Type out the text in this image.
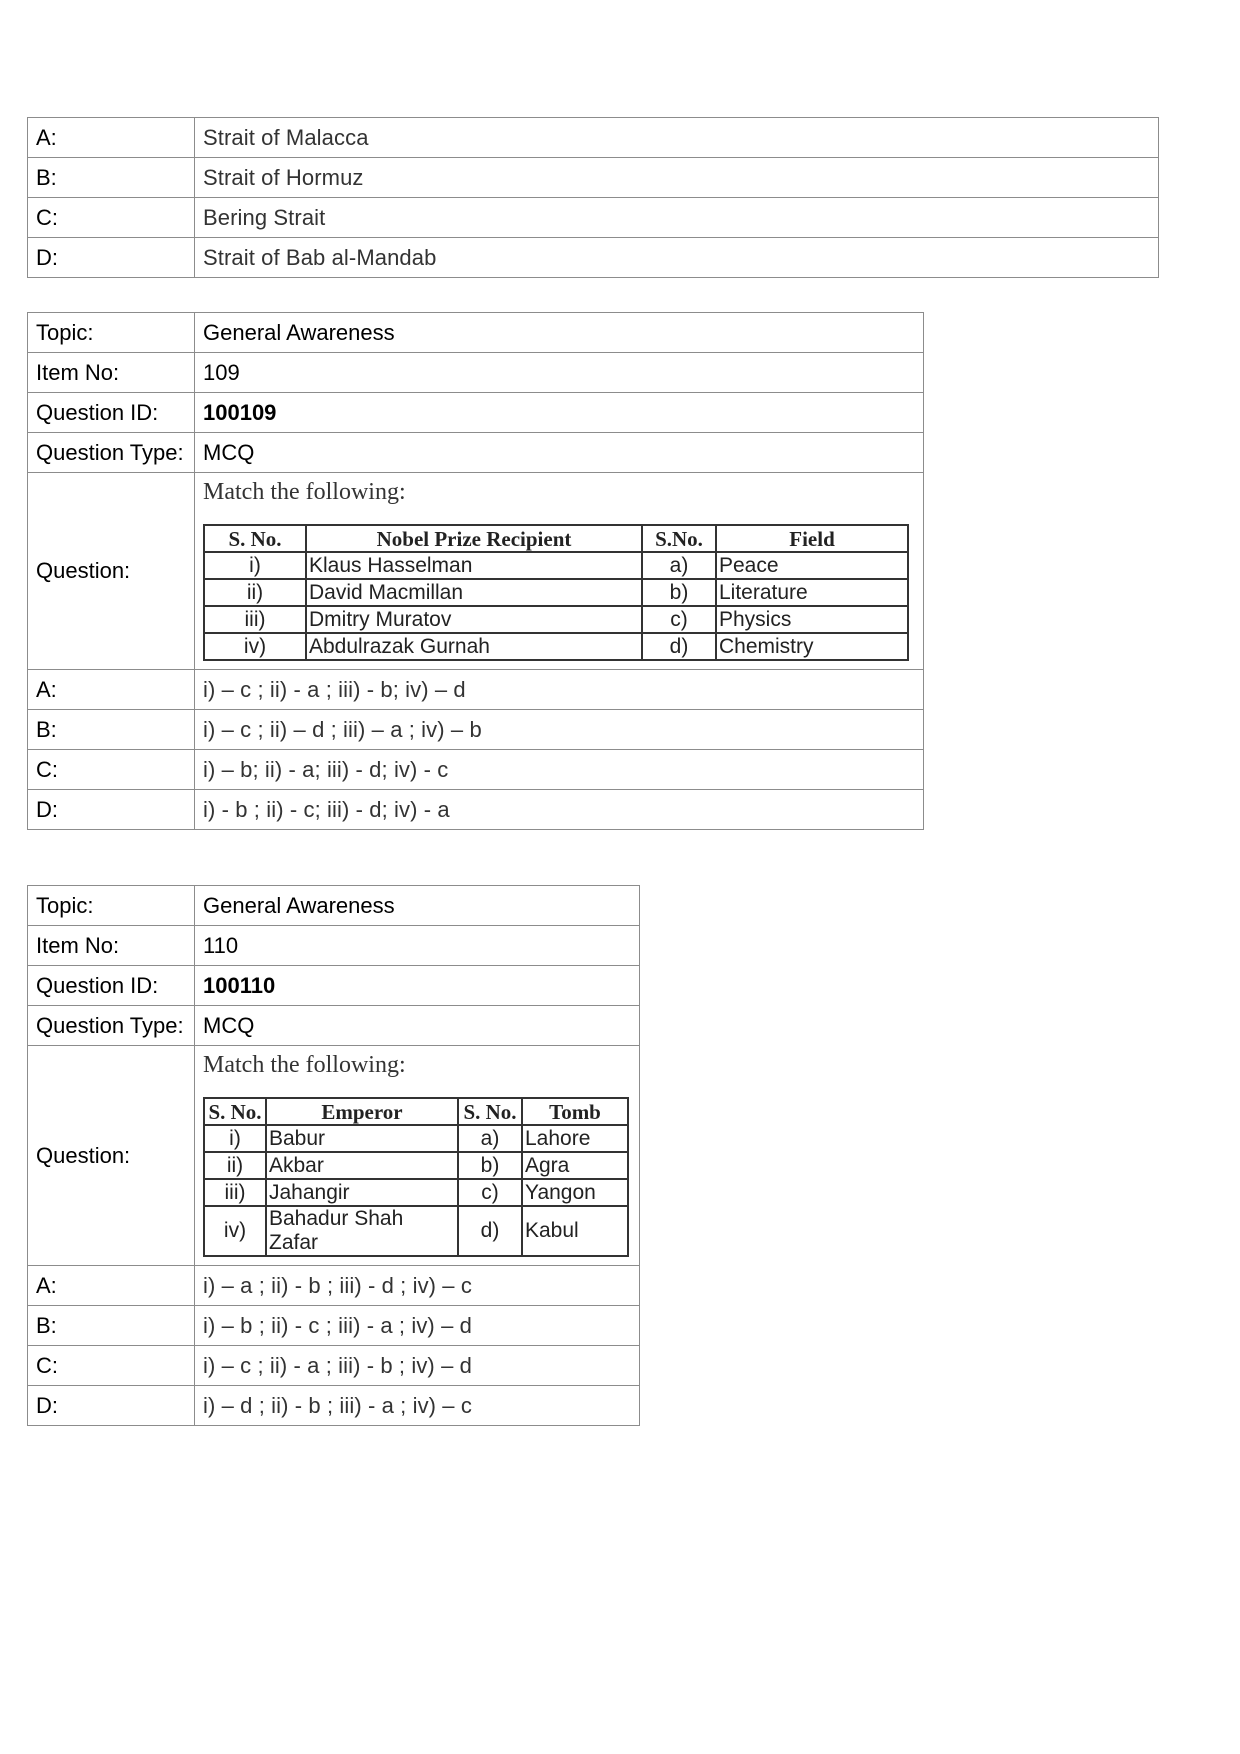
A:	Strait of Malacca
B:	Strait of Hormuz
C:	Bering Strait
D:	Strait of Bab al-Mandab
Topic:	General Awareness
Item No:	109
Question ID:	100109
Question Type:	MCQ
Question:	
Match the following:
S. No.	Nobel Prize Recipient	S.No.	Field
i)	Klaus Hasselman	a)	Peace
ii)	David Macmillan	b)	Literature
iii)	Dmitry Muratov	c)	Physics
iv)	Abdulrazak Gurnah	d)	Chemistry

A:	i) – c ; ii) - a ; iii) - b; iv) – d
B:	i) – c ; ii) – d ; iii) – a ; iv) – b
C:	i) – b; ii) - a; iii) - d; iv) - c
D:	i) - b ; ii) - c; iii) - d; iv) - a
Topic:	General Awareness
Item No:	110
Question ID:	100110
Question Type:	MCQ
Question:	
Match the following:
S. No.	Emperor	S. No.	Tomb
i)	Babur	a)	Lahore
ii)	Akbar	b)	Agra
iii)	Jahangir	c)	Yangon
iv)	Bahadur Shah Zafar	d)	Kabul

A:	i) – a ; ii) - b ; iii) - d ; iv) – c
B:	i) – b ; ii) - c ; iii) - a ; iv) – d
C:	i) – c ; ii) - a ; iii) - b ; iv) – d
D:	i) – d ; ii) - b ; iii) - a ; iv) – c
